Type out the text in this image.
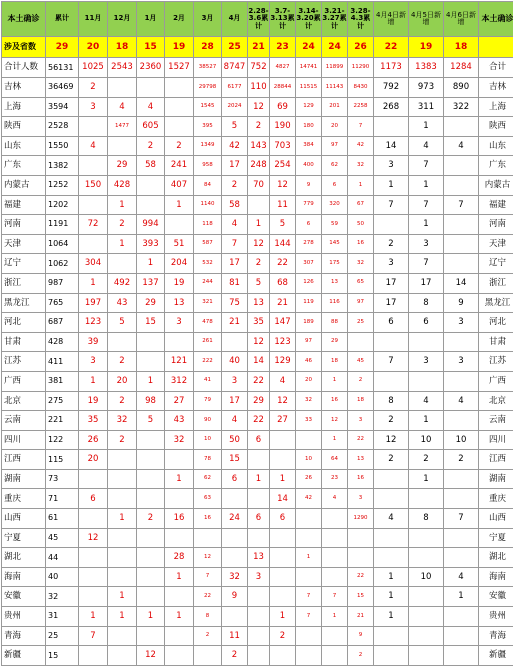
本土确诊	累计	11月	12月	1月	2月	3月	4月	2.28-3.6累计	3.7-3.13累计	3.14-3.20累计	3.21-3.27累计	3.28-4.3累计	4月4日新增	4月5日新增	4月6日新增	本土确诊
涉及省数	29	20	18	15	19	28	25	21	23	24	24	26	22	19	18	
合计人数	56131	1025	2543	2360	1527	38527	8747	752	4827	14741	11899	11290	1173	1383	1284	合计
吉林	36469	2				29798	6177	110	28844	11515	11143	8430	792	973	890	吉林
上海	3594	3	4	4		1545	2024	12	69	129	201	2258	268	311	322	上海
陕西	2528		1477	605		395	5	2	190	180	20	7		1		陕西
山东	1550	4		2	2	1349	42	143	703	384	97	42	14	4	4	山东
广东	1382		29	58	241	958	17	248	254	400	62	32	3	7		广东
内蒙古	1252	150	428		407	84	2	70	12	9	6	1	1	1		内蒙古
福建	1202		1		1	1140	58		11	779	320	67	7	7	7	福建
河南	1191	72	2	994		118	4	1	5	6	59	50		1		河南
天津	1064		1	393	51	587	7	12	144	278	145	16	2	3		天津
辽宁	1062	304		1	204	532	17	2	22	307	175	32	3	7		辽宁
浙江	987	1	492	137	19	244	81	5	68	126	13	65	17	17	14	浙江
黑龙江	765	197	43	29	13	321	75	13	21	119	116	97	17	8	9	黑龙江
河北	687	123	5	15	3	478	21	35	147	189	88	25	6	6	3	河北
甘肃	428	39				261		12	123	97	29					甘肃
江苏	411	3	2		121	222	40	14	129	46	18	45	7	3	3	江苏
广西	381	1	20	1	312	41	3	22	4	20	1	2				广西
北京	275	19	2	98	27	79	17	29	12	32	16	18	8	4	4	北京
云南	221	35	32	5	43	90	4	22	27	33	12	3	2	1		云南
四川	122	26	2		32	10	50	6			1	22	12	10	10	四川
江西	115	20				78	15			10	64	13	2	2	2	江西
湖南	73				1	62	6	1	1	26	23	16		1		湖南
重庆	71	6				63			14	42	4	3				重庆
山西	61		1	2	16	16	24	6	6			1290	4	8	7	山西
宁夏	45	12														宁夏
湖北	44				28	12		13		1						湖北
海南	40				1	7	32	3				22	1	10	4	海南
安徽	32		1			22	9			7	7	15	1		1	安徽
贵州	31	1	1	1	1	8			1	7	1	21	1			贵州
青海	25	7				2	11		2			9				青海
新疆	15			12			2					2				新疆
